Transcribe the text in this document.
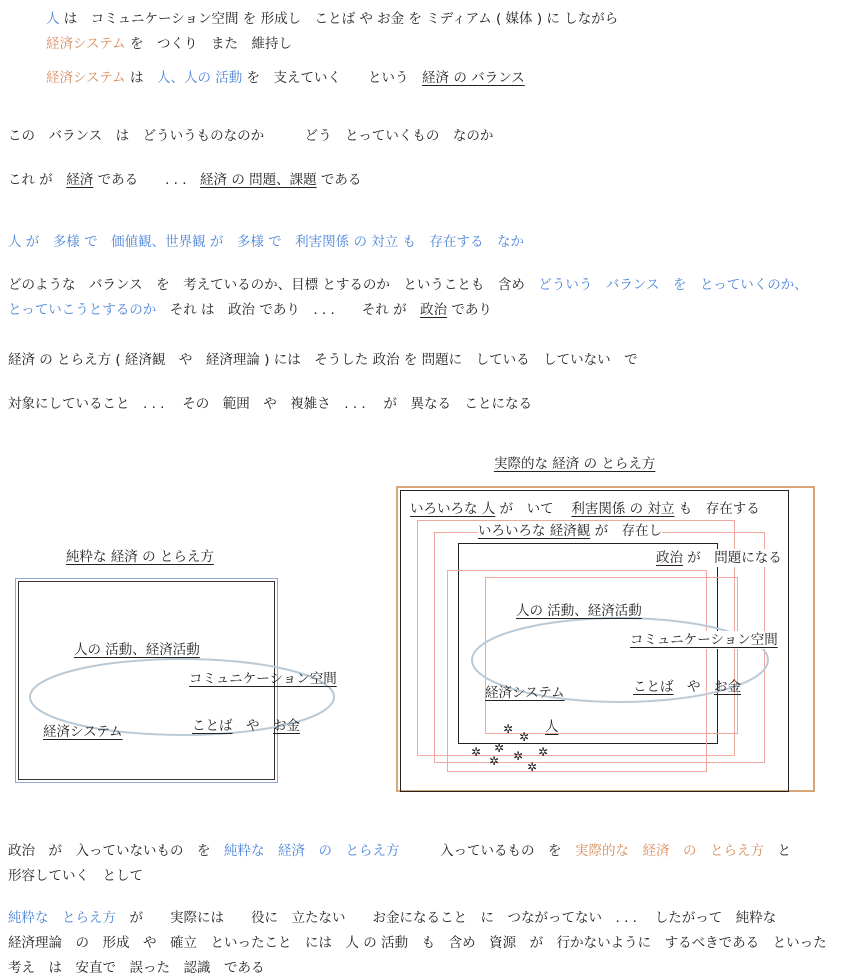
人 は　コミュニケーション空間 を 形成し　ことば や お金 を ミディアム ( 媒体 ) に しながら
経済システム を　つくり　また　維持し
経済システム は　人、人の 活動 を　支えていく　　という　経済 の バランス
この　バランス　は　どういうものなのか　　　どう　とっていくもの　なのか
これ が　経済 である　　. . .　経済 の 問題、課題 である
人 が　多様 で　価値観、世界観 が　多様 で　利害関係 の 対立 も　存在する　なか
どのような　バランス　を　考えているのか、目標 とするのか　ということも　含め　どういう　バランス　を　とっていくのか、
とっていこうとするのか　それ は　政治 であり　. . .　　それ が　政治 であり
経済 の とらえ方 ( 経済観　や　経済理論 ) には　そうした 政治 を 問題に　している　していない　で
対象にしていること　. . .　 その　範囲　や　複雑さ　. . .　 が　異なる　ことになる
純粋な 経済 の とらえ方
人の 活動、経済活動
コミュニケーション空間
経済システム	ことば　や　お金
実際的な 経済 の とらえ方
いろいろな 人 が　いて　 利害関係 の 対立 も　存在する
いろいろな 経済観 が　存在し
政治 が　問題になる
人の 活動、経済活動
コミュニケーション空間
ことば　や　お金
経済システム
人
✲
✲
✲ ✲
✲ ✲
✲ ✲
政治　が　入っていないもの　を　純粋な　経済　の　とらえ方　　　入っているもの　を　実際的な　経済　の　とらえ方　と
形容していく　として
純粋な　とらえ方　が　　実際には　　役に　立たない　　お金になること　に　つながってない　. . .　 したがって　純粋な
経済理論　の　形成　や　確立　といったこと　には　人 の 活動　も　含め　資源　が　行かないように　するべきである　といった
考え　は　安直で　誤った　認識　である
